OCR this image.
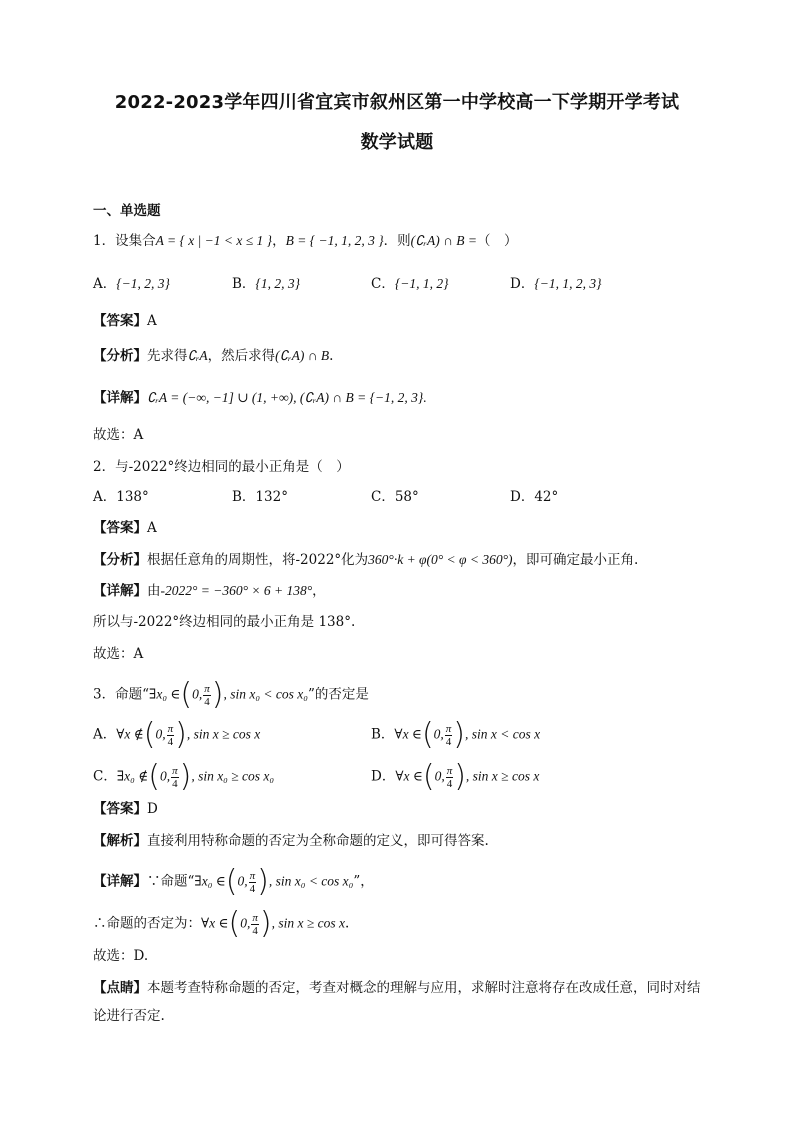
2022-2023学年四川省宜宾市叙州区第一中学校高一下学期开学考试
数学试题
一、单选题
1．设集合A = { x | −1 < x ≤ 1 }，B = { −1, 1, 2, 3 }．则(∁ᵣA) ∩ B =（　）
A．{−1, 2, 3}	B．{1, 2, 3}	C．{−1, 1, 2}	D．{−1, 1, 2, 3}
【答案】A
【分析】先求得∁ᵣA，然后求得(∁ᵣA) ∩ B.
【详解】∁ᵣA = (−∞, −1] ∪ (1, +∞), (∁ᵣA) ∩ B = {−1, 2, 3}.
故选：A
2．与-2022°终边相同的最小正角是（　）
A．138°	B．132°	C．58°	D．42°
【答案】A
【分析】根据任意角的周期性，将-2022°化为360°·k + φ(0° < φ < 360°)，即可确定最小正角.
【详解】由-2022° = −360° × 6 + 138°，
所以与-2022°终边相同的最小正角是 138°.
故选：A
3．命题“∃x₀ ∈(0, $\frac{\pi}{4}$ ), sin x₀ < cos x₀”的否定是
A．∀x ∉(0, $\frac{\pi}{4}$ ), sin x ≥ cos x	B．∀x ∈(0, $\frac{\pi}{4}$ ), sin x < cos x
C．∃x₀ ∉(0, $\frac{\pi}{4}$ ), sin x₀ ≥ cos x₀	D．∀x ∈(0, $\frac{\pi}{4}$ ), sin x ≥ cos x
【答案】D
【解析】直接利用特称命题的否定为全称命题的定义，即可得答案.
【详解】∵命题“∃x₀ ∈(0, $\frac{\pi}{4}$ ), sin x₀ < cos x₀”，
∴命题的否定为：∀x ∈(0, $\frac{\pi}{4}$ ), sin x ≥ cos x.
故选：D.
【点睛】本题考查特称命题的否定，考查对概念的理解与应用，求解时注意将存在改成任意，同时对结论进行否定.
